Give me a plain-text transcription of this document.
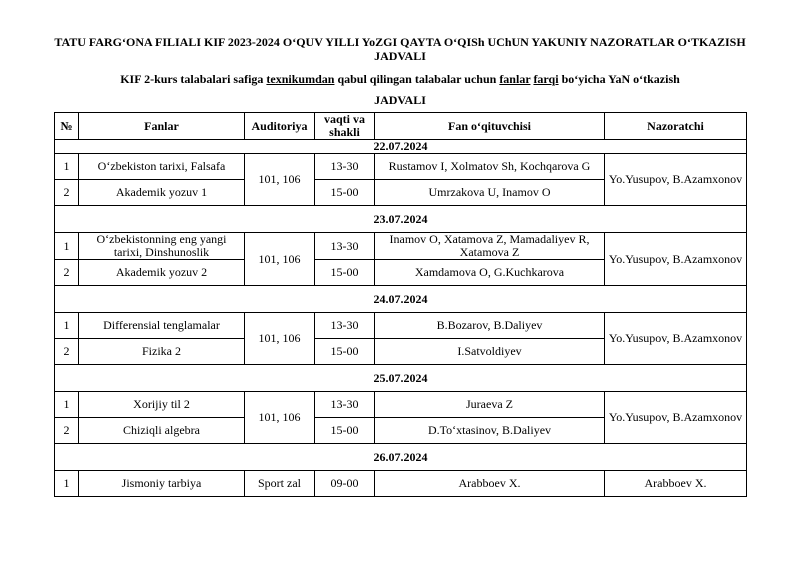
TATU FARG‘ONA FILIALI KIF 2023-2024 O‘QUV YILLI YoZGI QAYTA O‘QISh UChUN YAKUNIY NAZORATLAR O‘TKAZISH
JADVALI
KIF 2-kurs talabalari safiga texnikumdan qabul qilingan talabalar uchun fanlar farqi bo‘yicha YaN o‘tkazish
JADVALI
№	Fanlar	Auditoriya	vaqti va shakli	Fan o‘qituvchisi	Nazoratchi
22.07.2024					
1	O‘zbekiston tarixi, Falsafa	101, 106	13-30	Rustamov I, Xolmatov Sh, Kochqarova G	Yo.Yusupov, B.Azamxonov
2	Akademik yozuv 1		15-00	Umrzakova U, Inamov O	
23.07.2024					
1	O‘zbekistonning eng yangi tarixi, Dinshunoslik	101, 106	13-30	Inamov O, Xatamova Z, Mamadaliyev R, Xatamova Z	Yo.Yusupov, B.Azamxonov
2	Akademik yozuv 2		15-00	Xamdamova O, G.Kuchkarova	
24.07.2024					
1	Differensial tenglamalar	101, 106	13-30	B.Bozarov, B.Daliyev	Yo.Yusupov, B.Azamxonov
2	Fizika 2		15-00	I.Satvoldiyev	
25.07.2024					
1	Xorijiy til 2	101, 106	13-30	Juraeva Z	Yo.Yusupov, B.Azamxonov
2	Chiziqli algebra		15-00	D.To‘xtasinov, B.Daliyev	
26.07.2024					
1	Jismoniy tarbiya	Sport zal	09-00	Arabboev X.	Arabboev X.
